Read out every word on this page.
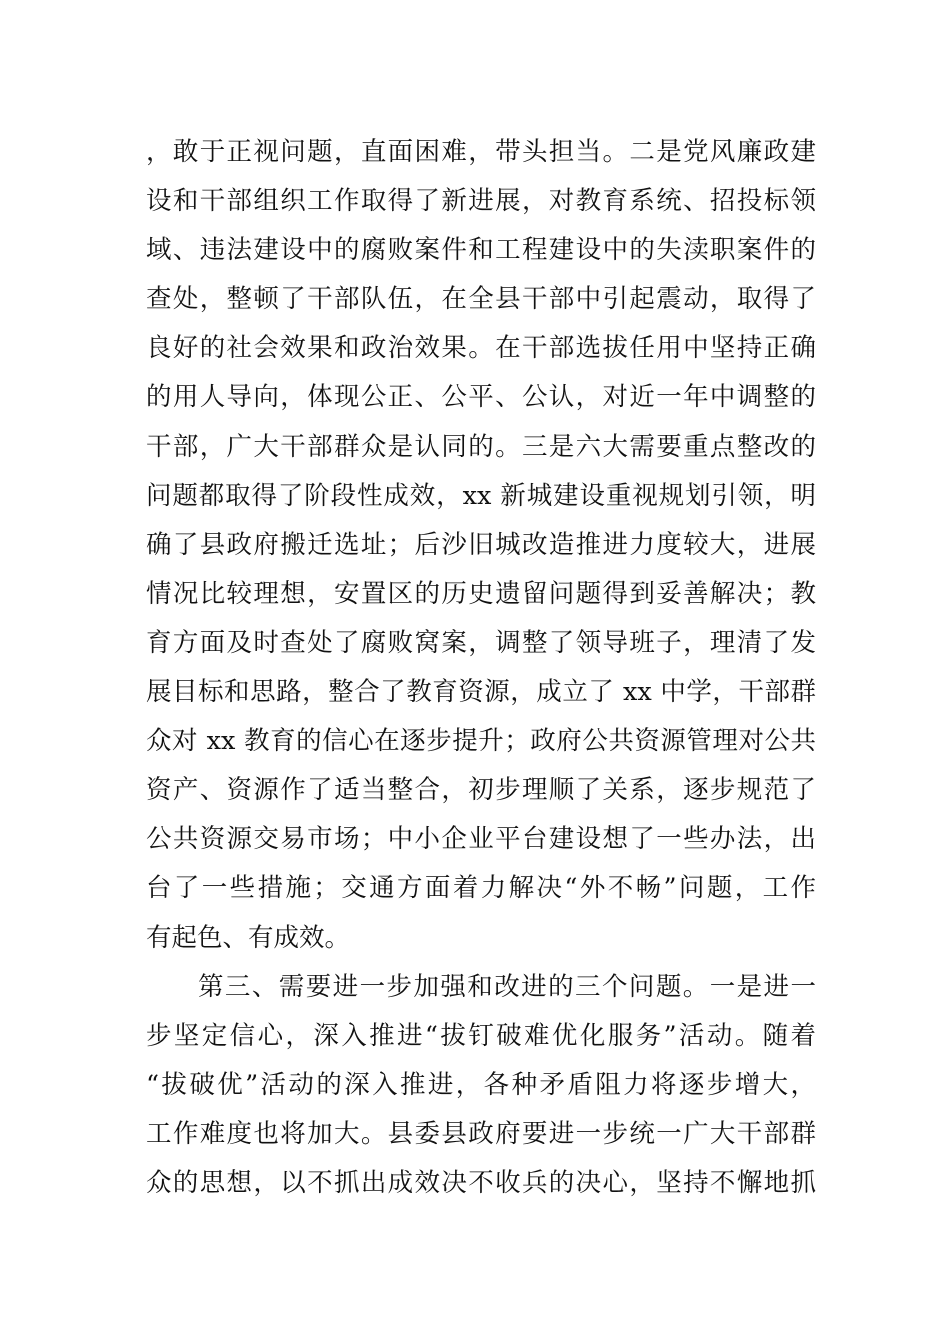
，敢于正视问题，直面困难，带头担当。二是党风廉政建
设和干部组织工作取得了新进展，对教育系统、招投标领
域、违法建设中的腐败案件和工程建设中的失渎职案件的
查处，整顿了干部队伍，在全县干部中引起震动，取得了
良好的社会效果和政治效果。在干部选拔任用中坚持正确
的用人导向，体现公正、公平、公认，对近一年中调整的
干部，广大干部群众是认同的。三是六大需要重点整改的
问题都取得了阶段性成效，xx 新城建设重视规划引领，明
确了县政府搬迁选址；后沙旧城改造推进力度较大，进展
情况比较理想，安置区的历史遗留问题得到妥善解决；教
育方面及时查处了腐败窝案，调整了领导班子，理清了发
展目标和思路，整合了教育资源，成立了 xx 中学，干部群
众对 xx 教育的信心在逐步提升；政府公共资源管理对公共
资产、资源作了适当整合，初步理顺了关系，逐步规范了
公共资源交易市场；中小企业平台建设想了一些办法，出
台了一些措施；交通方面着力解决“外不畅”问题，工作
有起色、有成效。
第三、需要进一步加强和改进的三个问题。一是进一
步坚定信心，深入推进“拔钉破难优化服务”活动。随着
“拔破优”活动的深入推进，各种矛盾阻力将逐步增大，
工作难度也将加大。县委县政府要进一步统一广大干部群
众的思想，以不抓出成效决不收兵的决心，坚持不懈地抓
